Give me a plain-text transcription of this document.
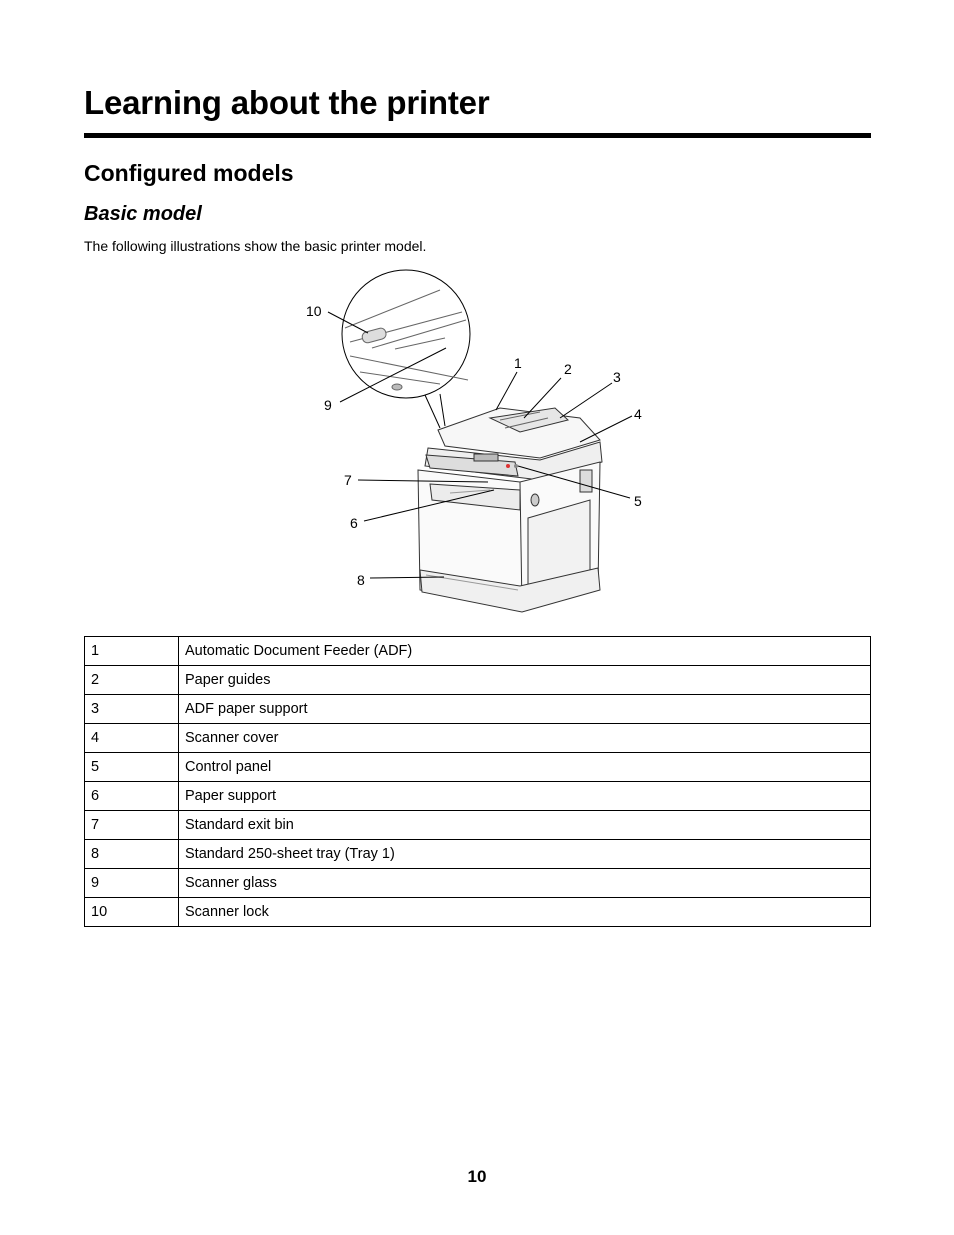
Learning about the printer
Configured models
Basic model

The following illustrations show the basic printer model.

10
9
1	2	3
4
5
7
6
8
1	Automatic Document Feeder (ADF)
2	Paper guides
3	ADF paper support
4	Scanner cover
5	Control panel
6	Paper support
7	Standard exit bin
8	Standard 250-sheet tray (Tray 1)
9	Scanner glass
10	Scanner lock
10
